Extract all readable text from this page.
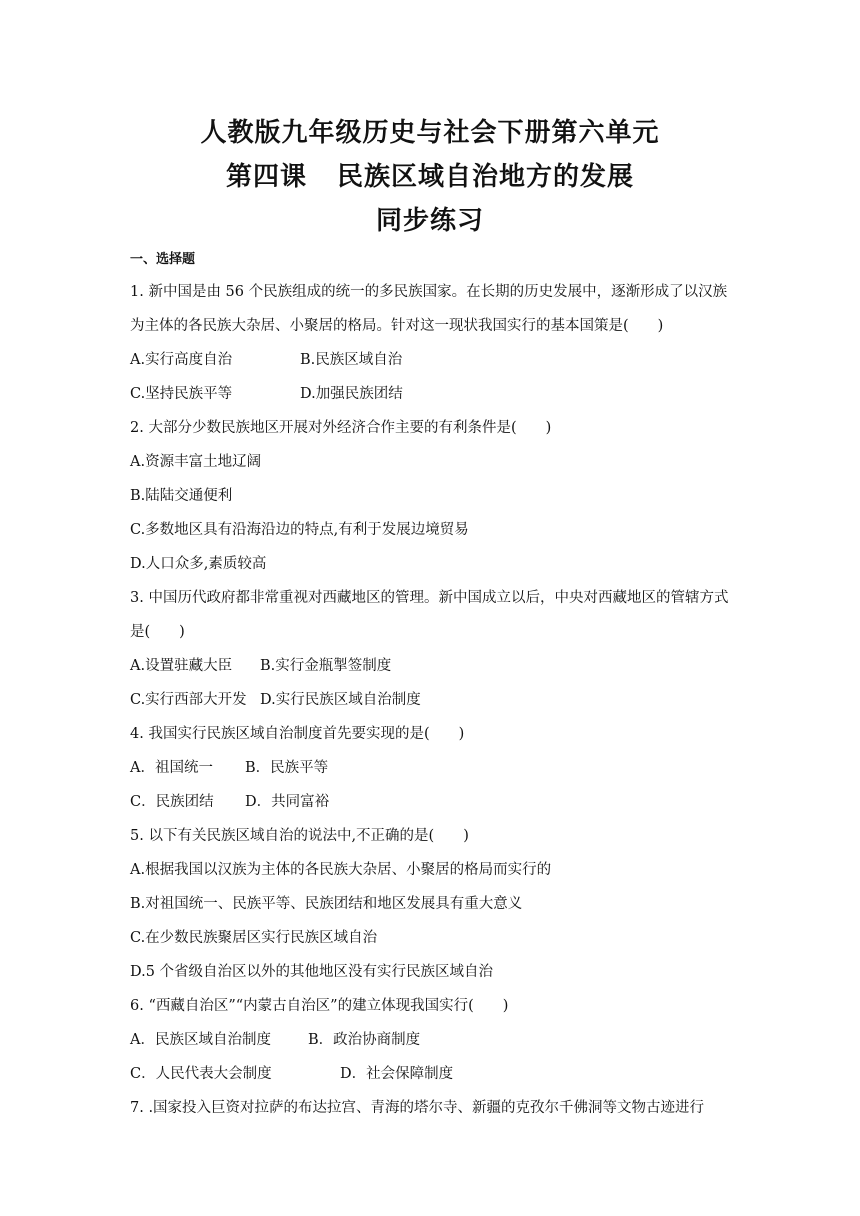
人教版九年级历史与社会下册第六单元
第四课 民族区域自治地方的发展
同步练习

一、选择题

1. 新中国是由 56 个民族组成的统一的多民族国家。在长期的历史发展中，逐渐形成了以汉族为主体的各民族大杂居、小聚居的格局。针对这一现状我国实行的基本国策是(　　)

A.实行高度自治	B.民族区域自治

C.坚持民族平等	D.加强民族团结

2. 大部分少数民族地区开展对外经济合作主要的有利条件是(　　)

A.资源丰富土地辽阔

B.陆陆交通便利

C.多数地区具有沿海沿边的特点,有利于发展边境贸易

D.人口众多,素质较高

3. 中国历代政府都非常重视对西藏地区的管理。新中国成立以后，中央对西藏地区的管辖方式是(　　)

A.设置驻藏大臣 B.实行金瓶掣签制度

C.实行西部大开发 D.实行民族区域自治制度

4. 我国实行民族区域自治制度首先要实现的是(　　)

A．祖国统一 B．民族平等

C．民族团结 D．共同富裕

5. 以下有关民族区域自治的说法中,不正确的是(　　)

A.根据我国以汉族为主体的各民族大杂居、小聚居的格局而实行的

B.对祖国统一、民族平等、民族团结和地区发展具有重大意义

C.在少数民族聚居区实行民族区域自治

D.5 个省级自治区以外的其他地区没有实行民族区域自治

6. “西藏自治区”“内蒙古自治区”的建立体现我国实行(　　)

A．民族区域自治制度	B．政治协商制度

C．人民代表大会制度	D．社会保障制度

7. .国家投入巨资对拉萨的布达拉宫、青海的塔尔寺、新疆的克孜尔千佛洞等文物古迹进行
